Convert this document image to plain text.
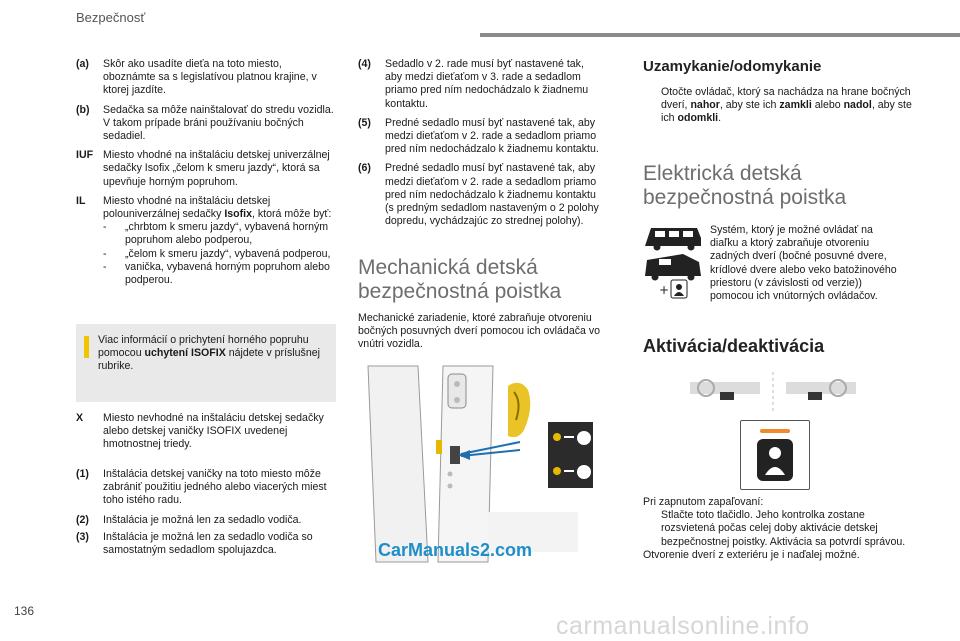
Bezpečnosť
(a)	Skôr ako usadíte dieťa na toto miesto, oboznámte sa s legislatívou platnou krajine, v ktorej jazdíte.
(b)	Sedačka sa môže nainštalovať do stredu vozidla. V takom prípade bráni používaniu bočných sedadiel.
IUF Miesto vhodné na inštaláciu detskej univerzálnej sedačky Isofix „čelom k smeru jazdy“, ktorá sa upevňuje horným popruhom.
IL	Miesto vhodné na inštaláciu detskej polouniverzálnej sedačky Isofix, ktorá môže byť:
-	„chrbtom k smeru jazdy“, vybavená horným popruhom alebo podperou,
-	„čelom k smeru jazdy“, vybavená podperou,
-	vanička, vybavená horným popruhom alebo podperou.
Viac informácií o prichytení horného popruhu pomocou uchytení ISOFIX nájdete v príslušnej rubrike.
X	Miesto nevhodné na inštaláciu detskej sedačky alebo detskej vaničky ISOFIX uvedenej hmotnostnej triedy.
(1)	Inštalácia detskej vaničky na toto miesto môže zabrániť použitiu jedného alebo viacerých miest toho istého radu.
(2)	Inštalácia je možná len za sedadlo vodiča.
(3)	Inštalácia je možná len za sedadlo vodiča so samostatným sedadlom spolujazdca.
(4)	Sedadlo v 2. rade musí byť nastavené tak, aby medzi dieťaťom v 3. rade a sedadlom priamo pred ním nedochádzalo k žiadnemu kontaktu.
(5)	Predné sedadlo musí byť nastavené tak, aby medzi dieťaťom v 2. rade a sedadlom priamo pred ním nedochádzalo k žiadnemu kontaktu.
(6)	Predné sedadlo musí byť nastavené tak, aby medzi dieťaťom v 2. rade a sedadlom priamo pred ním nedochádzalo k žiadnemu kontaktu (s predným sedadlom nastaveným o 2 polohy dopredu, vychádzajúc zo strednej polohy).
Mechanická detská bezpečnostná poistka
Mechanické zariadenie, ktoré zabraňuje otvoreniu bočných posuvných dverí pomocou ich ovládača vo vnútri vozidla.
CarManuals2.com
Uzamykanie/odomykanie
Otočte ovládač, ktorý sa nachádza na hrane bočných dverí, nahor, aby ste ich zamkli alebo nadol, aby ste ich odomkli.
Elektrická detská bezpečnostná poistka
+
Systém, ktorý je možné ovládať na diaľku a ktorý zabraňuje otvoreniu zadných dverí (bočné posuvné dvere, krídlové dvere alebo veko batožinového priestoru (v závislosti od verzie)) pomocou ich vnútorných ovládačov.
Aktivácia/deaktivácia
Pri zapnutom zapaľovaní:
Stlačte toto tlačidlo. Jeho kontrolka zostane rozsvietená počas celej doby aktivácie detskej bezpečnostnej poistky. Aktivácia sa potvrdí správou.
Otvorenie dverí z exteriéru je i naďalej možné.
136
carmanualsonline.info
